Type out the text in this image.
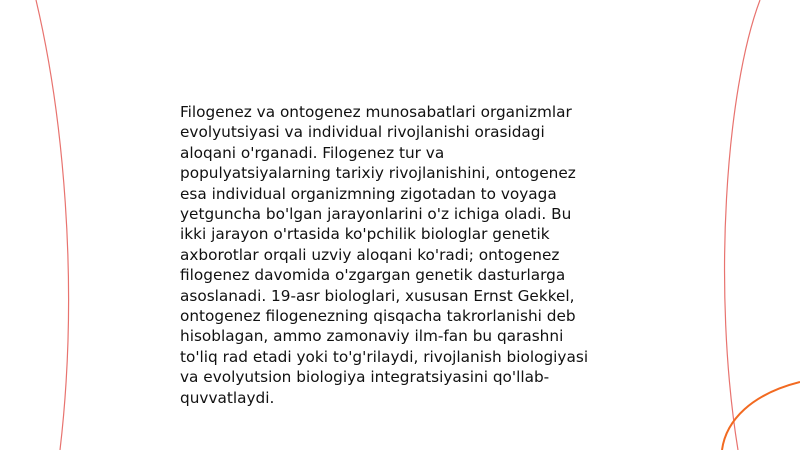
Filogenez va ontogenez munosabatlari organizmlar
evolyutsiyasi va individual rivojlanishi orasidagi
aloqani o'rganadi. Filogenez tur va
populyatsiyalarning tarixiy rivojlanishini, ontogenez
esa individual organizmning zigotadan to voyaga
yetguncha bo'lgan jarayonlarini o'z ichiga oladi. Bu
ikki jarayon o'rtasida ko'pchilik biologlar genetik
axborotlar orqali uzviy aloqani ko'radi; ontogenez
filogenez davomida o'zgargan genetik dasturlarga
asoslanadi. 19-asr biologlari, xususan Ernst Gekkel,
ontogenez filogenezning qisqacha takrorlanishi deb
hisoblagan, ammo zamonaviy ilm-fan bu qarashni
to'liq rad etadi yoki to'g'rilaydi, rivojlanish biologiyasi
va evolyutsion biologiya integratsiyasini qo'llab-
quvvatlaydi.
